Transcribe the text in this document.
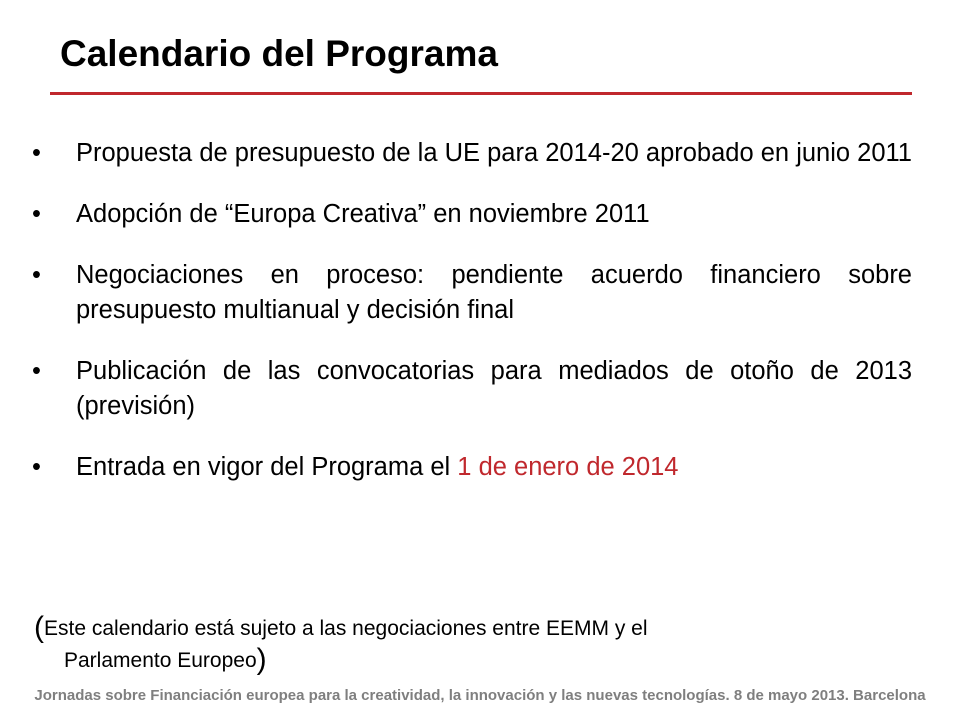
Calendario del Programa
•	Propuesta de presupuesto de la UE para 2014-20 aprobado en junio 2011
•	Adopción de “Europa Creativa” en noviembre 2011
•	Negociaciones en proceso: pendiente acuerdo financiero sobre presupuesto multianual y decisión final
•	Publicación de las convocatorias para mediados de otoño de 2013 (previsión)
•	Entrada en vigor del Programa el 1 de enero de 2014
(Este calendario está sujeto a las negociaciones entre EEMM y el
Parlamento Europeo)
Jornadas sobre Financiación europea para la creatividad, la innovación y las nuevas tecnologías. 8 de mayo 2013. Barcelona
